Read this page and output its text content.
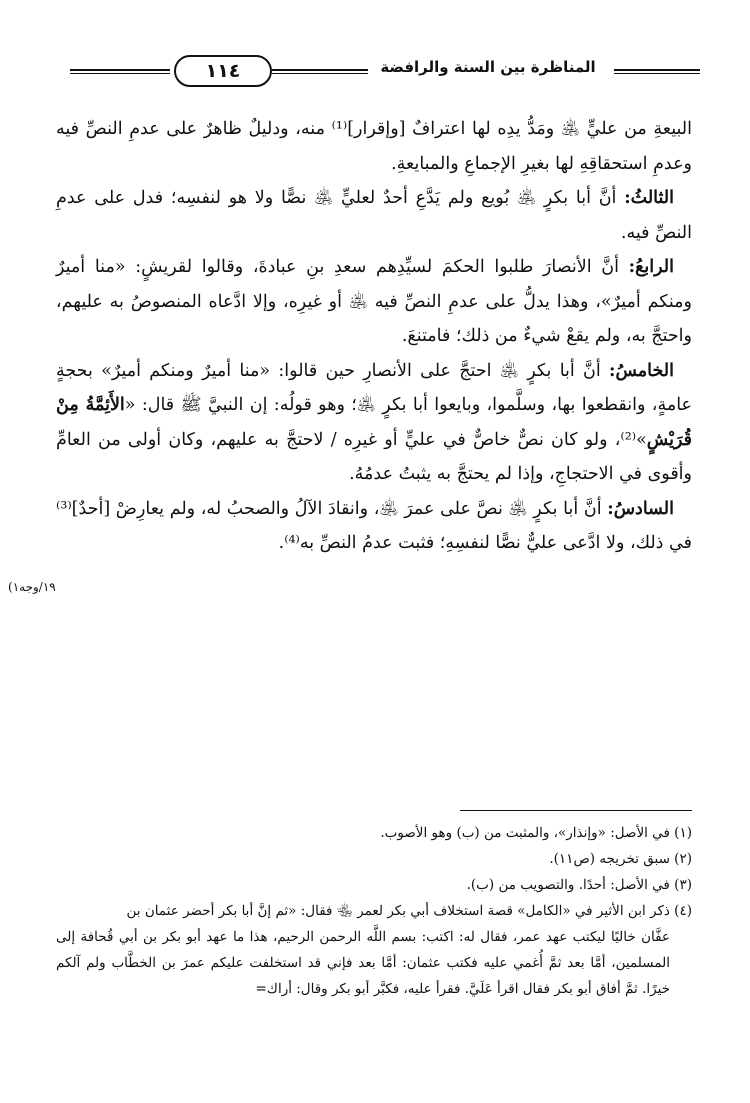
المناظرة بين السنة والرافضة
١١٤

البيعةِ من عليٍّ ﵁ ومَدُّ يدِه لها اعترافٌ [وإقرار]⁽¹⁾ منه، ودليلٌ ظاهرٌ على عدمِ النصِّ فيه وعدمِ استحقاقِهِ لها بغيرِ الإجماعِ والمبايعةِ.

الثالثُ: أنَّ أبا بكرٍ ﵁ بُويع ولم يَدَّعِ أحدٌ لعليٍّ ﵁ نصًّا ولا هو لنفسِه؛ فدل على عدمِ النصِّ فيه.

الرابعُ: أنَّ الأنصارَ طلبوا الحكمَ لسيِّدِهم سعدِ بنِ عبادةَ، وقالوا لقريشٍ: «منا أميرٌ ومنكم أميرٌ»، وهذا يدلُّ على عدمِ النصِّ فيه ﵁ أو غيرِه، وإلا ادَّعاه المنصوصُ به عليهم، واحتجَّ به، ولم يقعْ شيءٌ من ذلك؛ فامتنعَ.

الخامسُ: أنَّ أبا بكرٍ ﵁ احتجَّ على الأنصارِ حين قالوا: «منا أميرٌ ومنكم أميرٌ» بحجةٍ عامةٍ، وانقطعوا بها، وسلَّموا، وبايعوا أبا بكرٍ ﵁؛ وهو قولُه: إن النبيَّ ﷺ قال: «الأَئِمَّةُ مِنْ قُرَيْشٍ»⁽²⁾، ولو كان نصٌّ خاصٌّ في عليٍّ أو غيرِه / لاحتجَّ به عليهم، وكان أولى من العامِّ وأقوى في الاحتجاجِ، وإذا لم يحتجَّ به يثبتُ عدمُهُ.

السادسُ: أنَّ أبا بكرٍ ﵁ نصَّ على عمرَ ﵁، وانقادَ الآلُ والصحبُ له، ولم يعارِضْ [أحدٌ]⁽³⁾ في ذلك، ولا ادَّعى عليٌّ نصًّا لنفسِهِ؛ فثبت عدمُ النصِّ به⁽⁴⁾.

١٩/وجه١)

(١) في الأصل: «وإنذار»، والمثبت من (ب) وهو الأصوب.

(٢) سبق تخريجه (ص١١).

(٣) في الأصل: أحدًا. والتصويب من (ب).

(٤) ذكر ابن الأثير في «الكامل» قصة استخلاف أبي بكر لعمر ﵄ فقال: «ثم إنَّ أبا بكر أحضر عثمان بن

عفَّان خاليًا ليكتب عهد عمر، فقال له: اكتب: بسم اللَّه الرحمن الرحيم، هذا ما عهد أبو بكر بن أبي قُحافة إلى المسلمين، أمَّا بعد ثمَّ أُغمي عليه فكتب عثمان: أمَّا بعد فإني قد استخلفت عليكم عمرَ بن الخطَّاب ولم آلكم خيرًا. ثمَّ أفاق أبو بكر فقال اقرأ عَلَيَّ. فقرأ عليه، فكبَّر أبو بكر وقال: أراك=
